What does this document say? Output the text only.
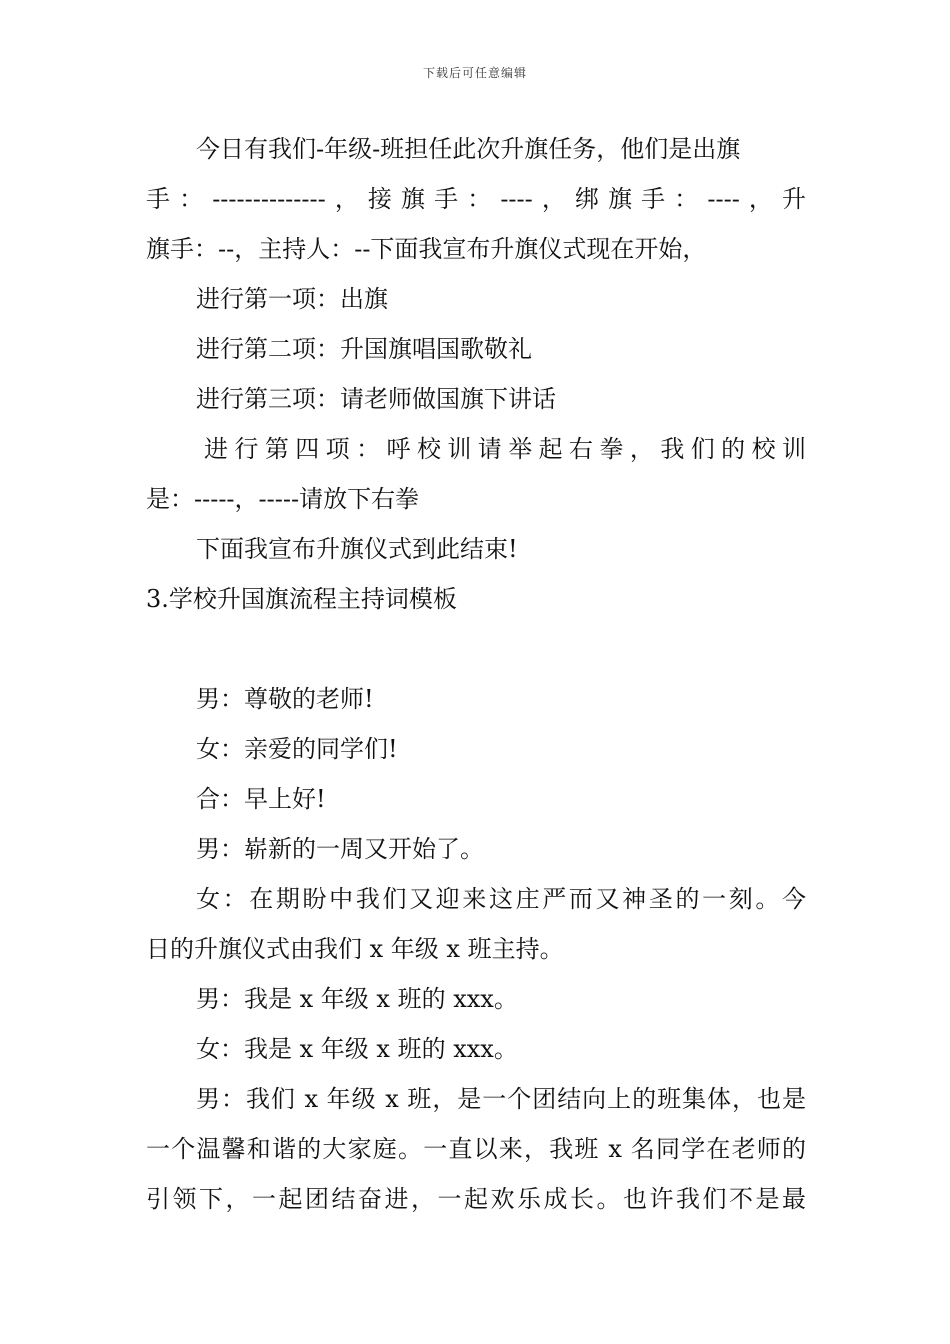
下载后可任意编辑
今日有我们-年级-班担任此次升旗任务，他们是出旗
手：--------------，接旗手：----，绑旗手：----，升
旗手：--，主持人：--下面我宣布升旗仪式现在开始，
进行第一项：出旗
进行第二项：升国旗唱国歌敬礼
进行第三项：请老师做国旗下讲话
进行第四项：呼校训请举起右拳，我们的校训
是：-----，-----请放下右拳
下面我宣布升旗仪式到此结束!
3.学校升国旗流程主持词模板
男：尊敬的老师!
女：亲爱的同学们!
合：早上好!
男：崭新的一周又开始了。
女：在期盼中我们又迎来这庄严而又神圣的一刻。今
日的升旗仪式由我们 x 年级 x 班主持。
男：我是 x 年级 x 班的 xxx。
女：我是 x 年级 x 班的 xxx。
男：我们 x 年级 x 班，是一个团结向上的班集体，也是
一个温馨和谐的大家庭。一直以来，我班 x 名同学在老师的
引领下，一起团结奋进，一起欢乐成长。也许我们不是最
